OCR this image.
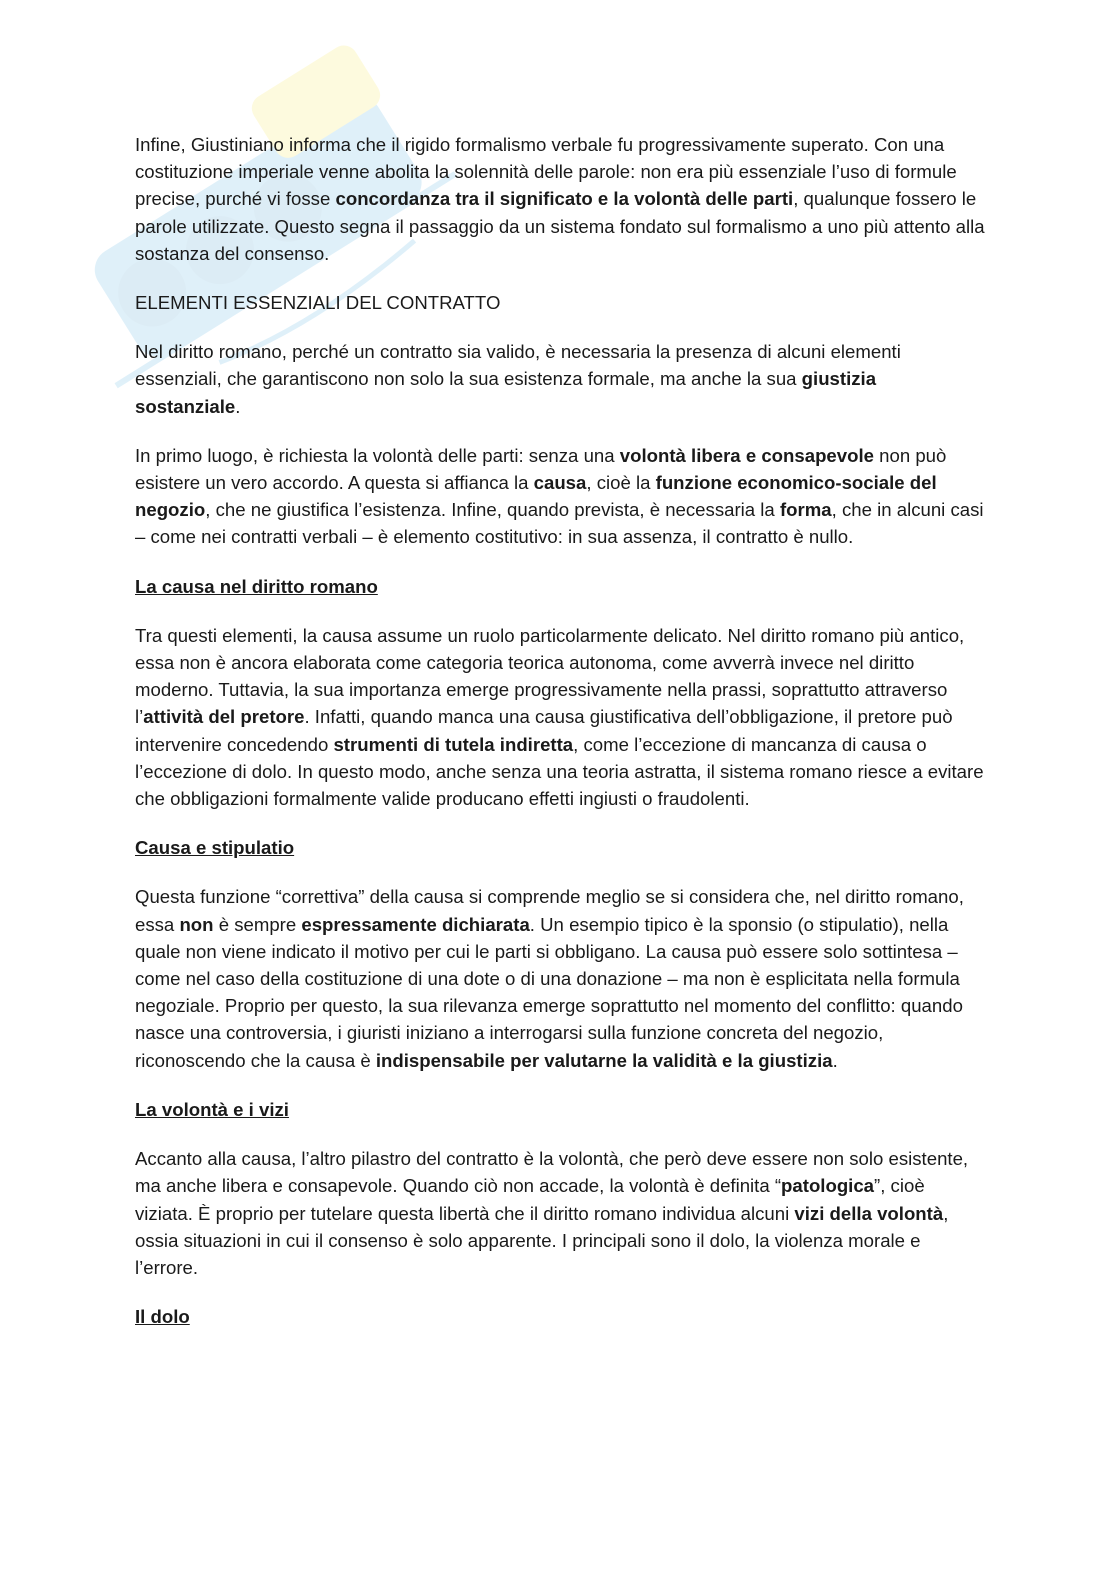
Infine, Giustiniano informa che il rigido formalismo verbale fu progressivamente superato. Con una costituzione imperiale venne abolita la solennità delle parole: non era più essenziale l’uso di formule precise, purché vi fosse concordanza tra il significato e la volontà delle parti, qualunque fossero le parole utilizzate. Questo segna il passaggio da un sistema fondato sul formalismo a uno più attento alla sostanza del consenso.

ELEMENTI ESSENZIALI DEL CONTRATTO

Nel diritto romano, perché un contratto sia valido, è necessaria la presenza di alcuni elementi essenziali, che garantiscono non solo la sua esistenza formale, ma anche la sua giustizia sostanziale.

In primo luogo, è richiesta la volontà delle parti: senza una volontà libera e consapevole non può esistere un vero accordo. A questa si affianca la causa, cioè la funzione economico-sociale del negozio, che ne giustifica l’esistenza. Infine, quando prevista, è necessaria la forma, che in alcuni casi – come nei contratti verbali – è elemento costitutivo: in sua assenza, il contratto è nullo.

La causa nel diritto romano

Tra questi elementi, la causa assume un ruolo particolarmente delicato. Nel diritto romano più antico, essa non è ancora elaborata come categoria teorica autonoma, come avverrà invece nel diritto moderno. Tuttavia, la sua importanza emerge progressivamente nella prassi, soprattutto attraverso l’attività del pretore. Infatti, quando manca una causa giustificativa dell’obbligazione, il pretore può intervenire concedendo strumenti di tutela indiretta, come l’eccezione di mancanza di causa o l’eccezione di dolo. In questo modo, anche senza una teoria astratta, il sistema romano riesce a evitare che obbligazioni formalmente valide producano effetti ingiusti o fraudolenti.

Causa e stipulatio

Questa funzione “correttiva” della causa si comprende meglio se si considera che, nel diritto romano, essa non è sempre espressamente dichiarata. Un esempio tipico è la sponsio (o stipulatio), nella quale non viene indicato il motivo per cui le parti si obbligano. La causa può essere solo sottintesa – come nel caso della costituzione di una dote o di una donazione – ma non è esplicitata nella formula negoziale. Proprio per questo, la sua rilevanza emerge soprattutto nel momento del conflitto: quando nasce una controversia, i giuristi iniziano a interrogarsi sulla funzione concreta del negozio, riconoscendo che la causa è indispensabile per valutarne la validità e la giustizia.

La volontà e i vizi

Accanto alla causa, l’altro pilastro del contratto è la volontà, che però deve essere non solo esistente, ma anche libera e consapevole. Quando ciò non accade, la volontà è definita “patologica”, cioè viziata. È proprio per tutelare questa libertà che il diritto romano individua alcuni vizi della volontà, ossia situazioni in cui il consenso è solo apparente. I principali sono il dolo, la violenza morale e l’errore.

Il dolo
